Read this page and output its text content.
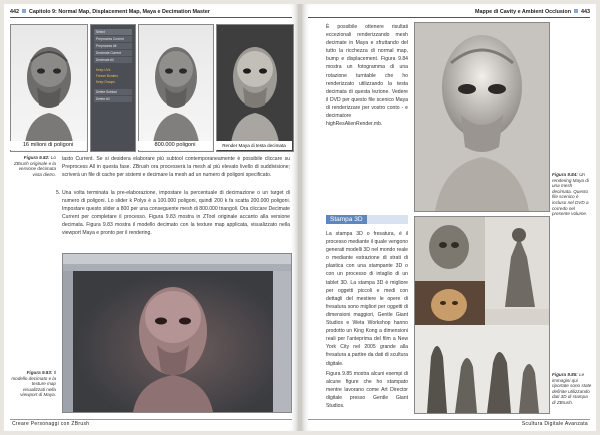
442 Capitolo 9: Normal Map, Displacement Map, Maya e Decimation Master
Select
Preprocess Current
Preprocess All
Decimate Current
Decimate All
Keep UVs
Freeze Borders
Keep Groups
Delete Subtool
Delete All
16 milioni di poligoni	800.000 poligoni	Render Maya di testa decimata
Figura 9.82: Lo ZBrush originale e la versione decimata vista dietro.

tasto Current. Se si desidera elaborare più subtool contemporaneamente è possibile cliccare su Preprocess All in questa fase. ZBrush ora processerà la mesh al più elevato livello di suddivisione; scriverà un file di cache per sistemi e decimare la mesh ad un numero di poligoni specificato.

5. Una volta terminata la pre-elaborazione, impostare la percentuale di decimazione o un target di numero di poligoni. Lo slider k Polys è a 100.000 poligoni, quindi 200 k fa scatta 200.000 poligoni. Impostare questo slider a 800 per una conseguente mesh di 800.000 triangoli. Ora cliccare Decimate Current per completare il processo. Figura 9.83 mostra in ZTool originale accanto alla versione decimata. Figura 9.83 mostra il modello decimato con la texture map applicata, visualizzato nella viewport Maya e pronto per il rendering.

Figura 9.83: Il modello decimato e la texture map visualizzati nella viewport di Maya.
Creare Personaggi con ZBrush
Mappe di Cavity e Ambient Occlusion 443

È possibile ottenere risultati eccezionali renderizzando mesh decimate in Maya e sfruttando del tutto la ricchezza di normal map, bump e displacement. Figura 9.84 mostra un fotogramma di una rotazione turntable che ho renderizzato utilizzando la testa decimata di questa lezione. Vedere il DVD per questo file scenico Maya di renderizzare per vostro conto - e decimatore highResAlienRender.mb.

Figura 9.84: Un rendering Maya di una mesh decimata. Questo file scenico è incluso nel DVD a corredo nel presente volume.
Stampa 3D

La stampa 3D o fresatura, è il processo mediante il quale vengono generati modelli 3D nel mondo reale o mediante estrazione di strati di plastica con una stampante 3D o con un processo di intaglio di un tablet 3D. La stampa 3D è migliore per oggetti piccoli e medi con dettagli del mestiere le opere di fresatura sono migliori per oggetti di dimensioni maggiori, Gentle Giant Studios e Weta Workshop hanno prodotto un King Kong a dimensioni reali per l'anteprima del film a New York City nel 2005 grande alla fresatura a partire da dati di scultura digitale.

Figura 9.85 mostra alcuni esempi di alcune figure che ho stampato mentre lavorano come Art Director digitale presso Gentle Giant Studios.

Figura 9.85: Le immagini qui riportate sono state definite utilizzando dati 3D di stampa di ZBrush.
Scultura Digitale Avanzata
